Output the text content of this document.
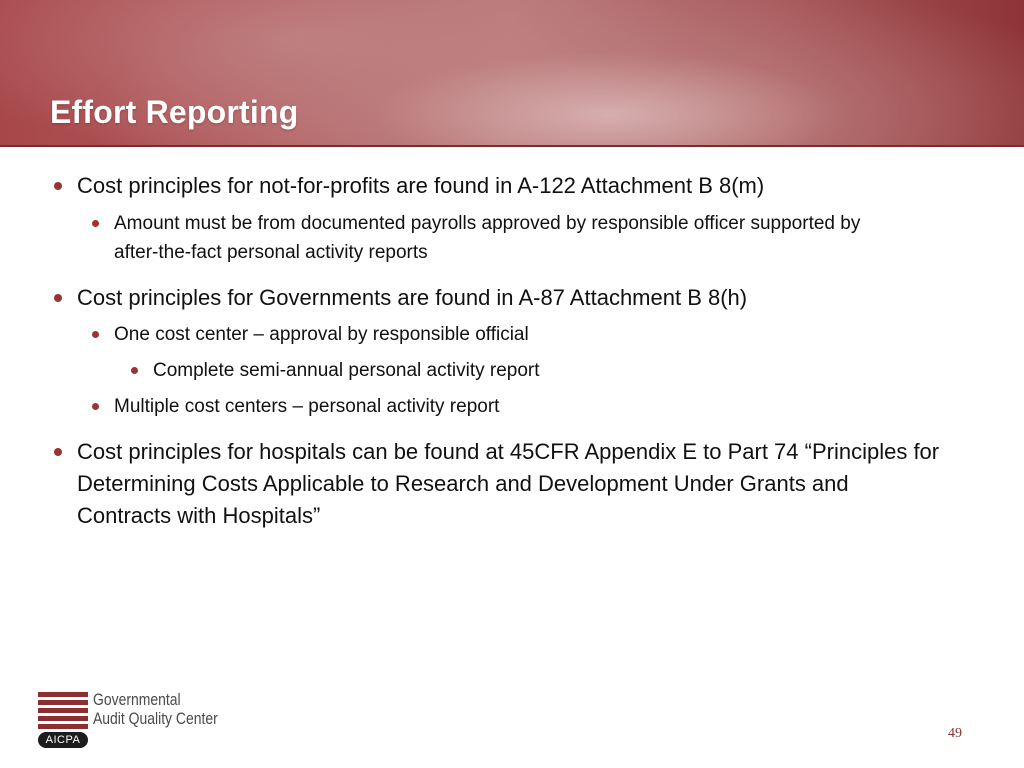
Effort Reporting

Cost principles for not-for-profits are found in A-122 Attachment B 8(m)

Amount must be from documented payrolls approved by responsible officer supported by after-the-fact personal activity reports

Cost principles for Governments are found in A-87 Attachment B 8(h)

One cost center – approval by responsible official

Complete semi-annual personal activity report

Multiple cost centers – personal activity report

Cost principles for hospitals can be found at 45CFR Appendix E to Part 74 “Principles for Determining Costs Applicable to Research and Development Under Grants and Contracts with Hospitals”

Governmental
Audit Quality Center
AICPA	49
